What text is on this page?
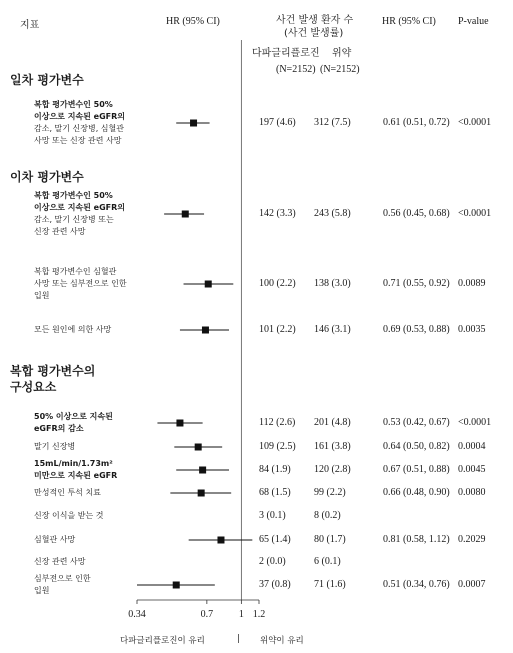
지표	HR (95% CI)	사건 발생 환자 수
(사건 발생률)
HR (95% CI) P-value
다파글리플로진 위약
(N=2152) (N=2152)
일차 평가변수
이차 평가변수
복합 평가변수의
구성요소
0.34	0.7	1 1.2
복합 평가변수인 50%
이상으로 지속된 eGFR의
감소, 말기 신장병, 심혈관
사망 또는 신장 관련 사망
197 (4.6) 312 (7.5)	0.61 (0.51, 0.72) <0.0001
복합 평가변수인 50%
이상으로 지속된 eGFR의
감소, 말기 신장병 또는
신장 관련 사망
142 (3.3) 243 (5.8)	0.56 (0.45, 0.68) <0.0001
복합 평가변수인 심혈관
사망 또는 심부전으로 인한
입원
100 (2.2) 138 (3.0)	0.71 (0.55, 0.92) 0.0089
모든 원인에 의한 사망	101 (2.2) 146 (3.1)	0.69 (0.53, 0.88) 0.0035
50% 이상으로 지속된
eGFR의 감소
112 (2.6) 201 (4.8)	0.53 (0.42, 0.67) <0.0001
말기 신장병	109 (2.5) 161 (3.8)	0.64 (0.50, 0.82) 0.0004
15mL/min/1.73m²
미만으로 지속된 eGFR
84 (1.9) 120 (2.8)	0.67 (0.51, 0.88) 0.0045
만성적인 투석 치료	68 (1.5) 99 (2.2)	0.66 (0.48, 0.90) 0.0080
신장 이식을 받는 것	3 (0.1)	8 (0.2)
심혈관 사망	65 (1.4) 80 (1.7)	0.81 (0.58, 1.12) 0.2029
신장 관련 사망	2 (0.0)	6 (0.1)
심부전으로 인한
입원
37 (0.8) 71 (1.6)	0.51 (0.34, 0.76) 0.0007
다파글리플로진이 유리	| 위약이 유리
